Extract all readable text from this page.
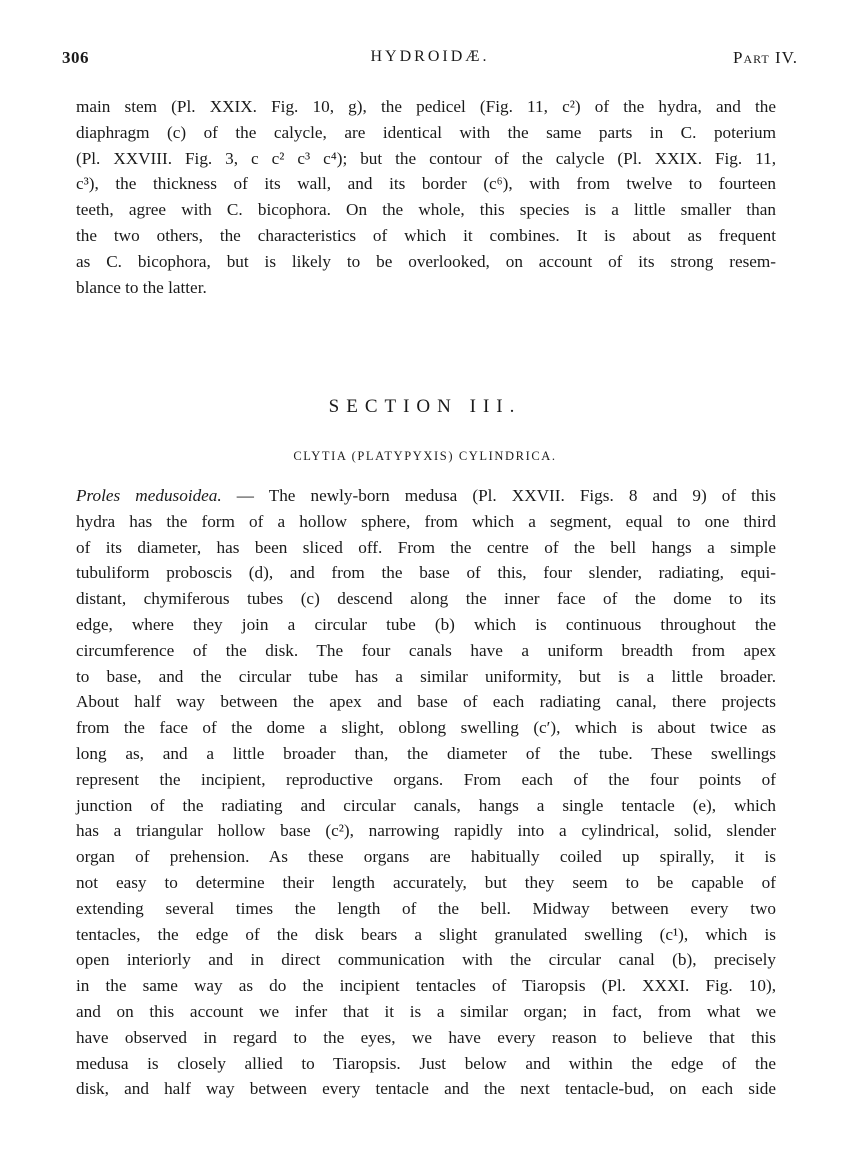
306	HYDROIDÆ.	Part IV.

main stem (Pl. XXIX. Fig. 10, g), the pedicel (Fig. 11, c²) of the hydra, and the
diaphragm (c) of the calycle, are identical with the same parts in C. poterium
(Pl. XXVIII. Fig. 3, c c² c³ c⁴); but the contour of the calycle (Pl. XXIX. Fig. 11,
c³), the thickness of its wall, and its border (c⁶), with from twelve to fourteen
teeth, agree with C. bicophora. On the whole, this species is a little smaller than
the two others, the characteristics of which it combines. It is about as frequent
as C. bicophora, but is likely to be overlooked, on account of its strong resem-
blance to the latter.

SECTION III.
CLYTIA (PLATYPYXIS) CYLINDRICA.

Proles medusoidea. — The newly-born medusa (Pl. XXVII. Figs. 8 and 9) of this
hydra has the form of a hollow sphere, from which a segment, equal to one third
of its diameter, has been sliced off. From the centre of the bell hangs a simple
tubuliform proboscis (d), and from the base of this, four slender, radiating, equi-
distant, chymiferous tubes (c) descend along the inner face of the dome to its
edge, where they join a circular tube (b) which is continuous throughout the
circumference of the disk. The four canals have a uniform breadth from apex
to base, and the circular tube has a similar uniformity, but is a little broader.
About half way between the apex and base of each radiating canal, there projects
from the face of the dome a slight, oblong swelling (c′), which is about twice as
long as, and a little broader than, the diameter of the tube. These swellings
represent the incipient, reproductive organs. From each of the four points of
junction of the radiating and circular canals, hangs a single tentacle (e), which
has a triangular hollow base (c²), narrowing rapidly into a cylindrical, solid, slender
organ of prehension. As these organs are habitually coiled up spirally, it is
not easy to determine their length accurately, but they seem to be capable of
extending several times the length of the bell. Midway between every two
tentacles, the edge of the disk bears a slight granulated swelling (c¹), which is
open interiorly and in direct communication with the circular canal (b), precisely
in the same way as do the incipient tentacles of Tiaropsis (Pl. XXXI. Fig. 10),
and on this account we infer that it is a similar organ; in fact, from what we
have observed in regard to the eyes, we have every reason to believe that this
medusa is closely allied to Tiaropsis. Just below and within the edge of the
disk, and half way between every tentacle and the next tentacle-bud, on each side
